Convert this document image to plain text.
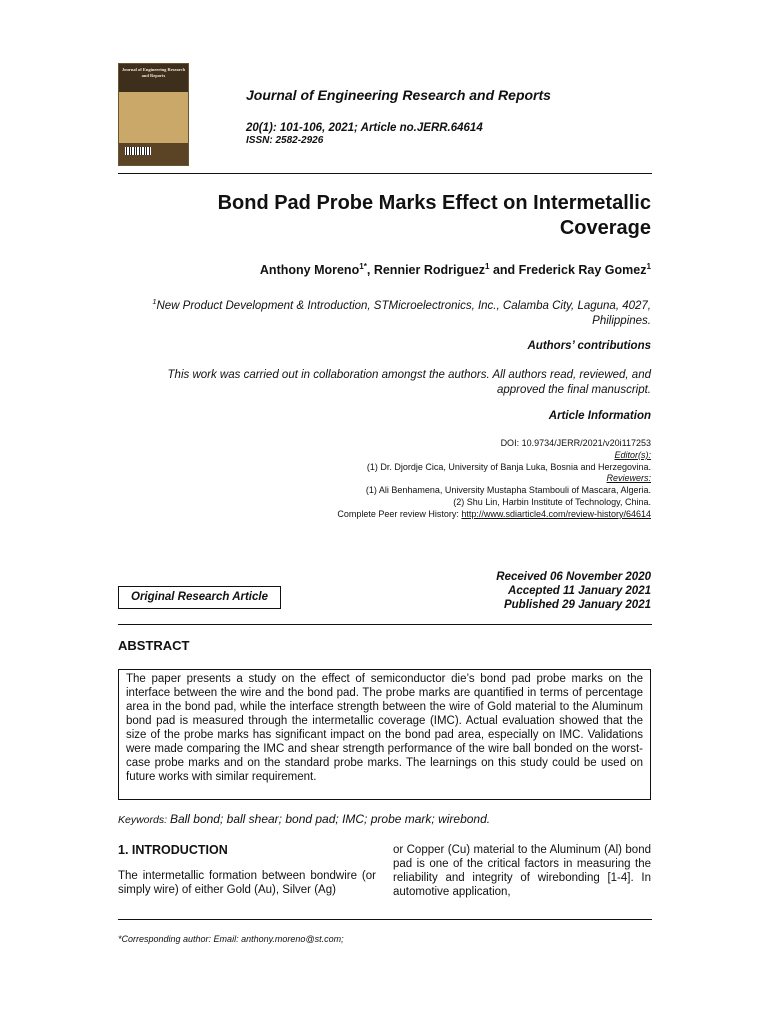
Journal of Engineering Research and Reports
Journal of Engineering Research and Reports
20(1): 101-106, 2021; Article no.JERR.64614
ISSN: 2582-2926
Bond Pad Probe Marks Effect on Intermetallic Coverage
Anthony Moreno$^{1*}$, Rennier Rodriguez$^1$ and Frederick Ray Gomez$^1$
$^1$New Product Development & Introduction, STMicroelectronics, Inc., Calamba City, Laguna, 4027,
Philippines.
Authors’ contributions
This work was carried out in collaboration amongst the authors. All authors read, reviewed, and
approved the final manuscript.
Article Information
DOI: 10.9734/JERR/2021/v20i117253
Editor(s):
(1) Dr. Djordje Cica, University of Banja Luka, Bosnia and Herzegovina.
Reviewers:
(1) Ali Benhamena, University Mustapha Stambouli of Mascara, Algeria.
(2) Shu Lin, Harbin Institute of Technology, China.
Complete Peer review History: http://www.sdiarticle4.com/review-history/64614
Original Research Article
Received 06 November 2020
Accepted 11 January 2021
Published 29 January 2021
ABSTRACT
The paper presents a study on the effect of semiconductor die’s bond pad probe marks on the interface between the wire and the bond pad. The probe marks are quantified in terms of percentage area in the bond pad, while the interface strength between the wire of Gold material to the Aluminum bond pad is measured through the intermetallic coverage (IMC). Actual evaluation showed that the size of the probe marks has significant impact on the bond pad area, especially on IMC. Validations were made comparing the IMC and shear strength performance of the wire ball bonded on the worst-case probe marks and on the standard probe marks. The learnings on this study could be used on future works with similar requirement.
Keywords: Ball bond; ball shear; bond pad; IMC; probe mark; wirebond.
1. INTRODUCTION
The intermetallic formation between bondwire (or simply wire) of either Gold (Au), Silver (Ag)
or Copper (Cu) material to the Aluminum (Al) bond pad is one of the critical factors in measuring the reliability and integrity of wirebonding [1-4]. In automotive application,
*Corresponding author: Email: anthony.moreno@st.com;
